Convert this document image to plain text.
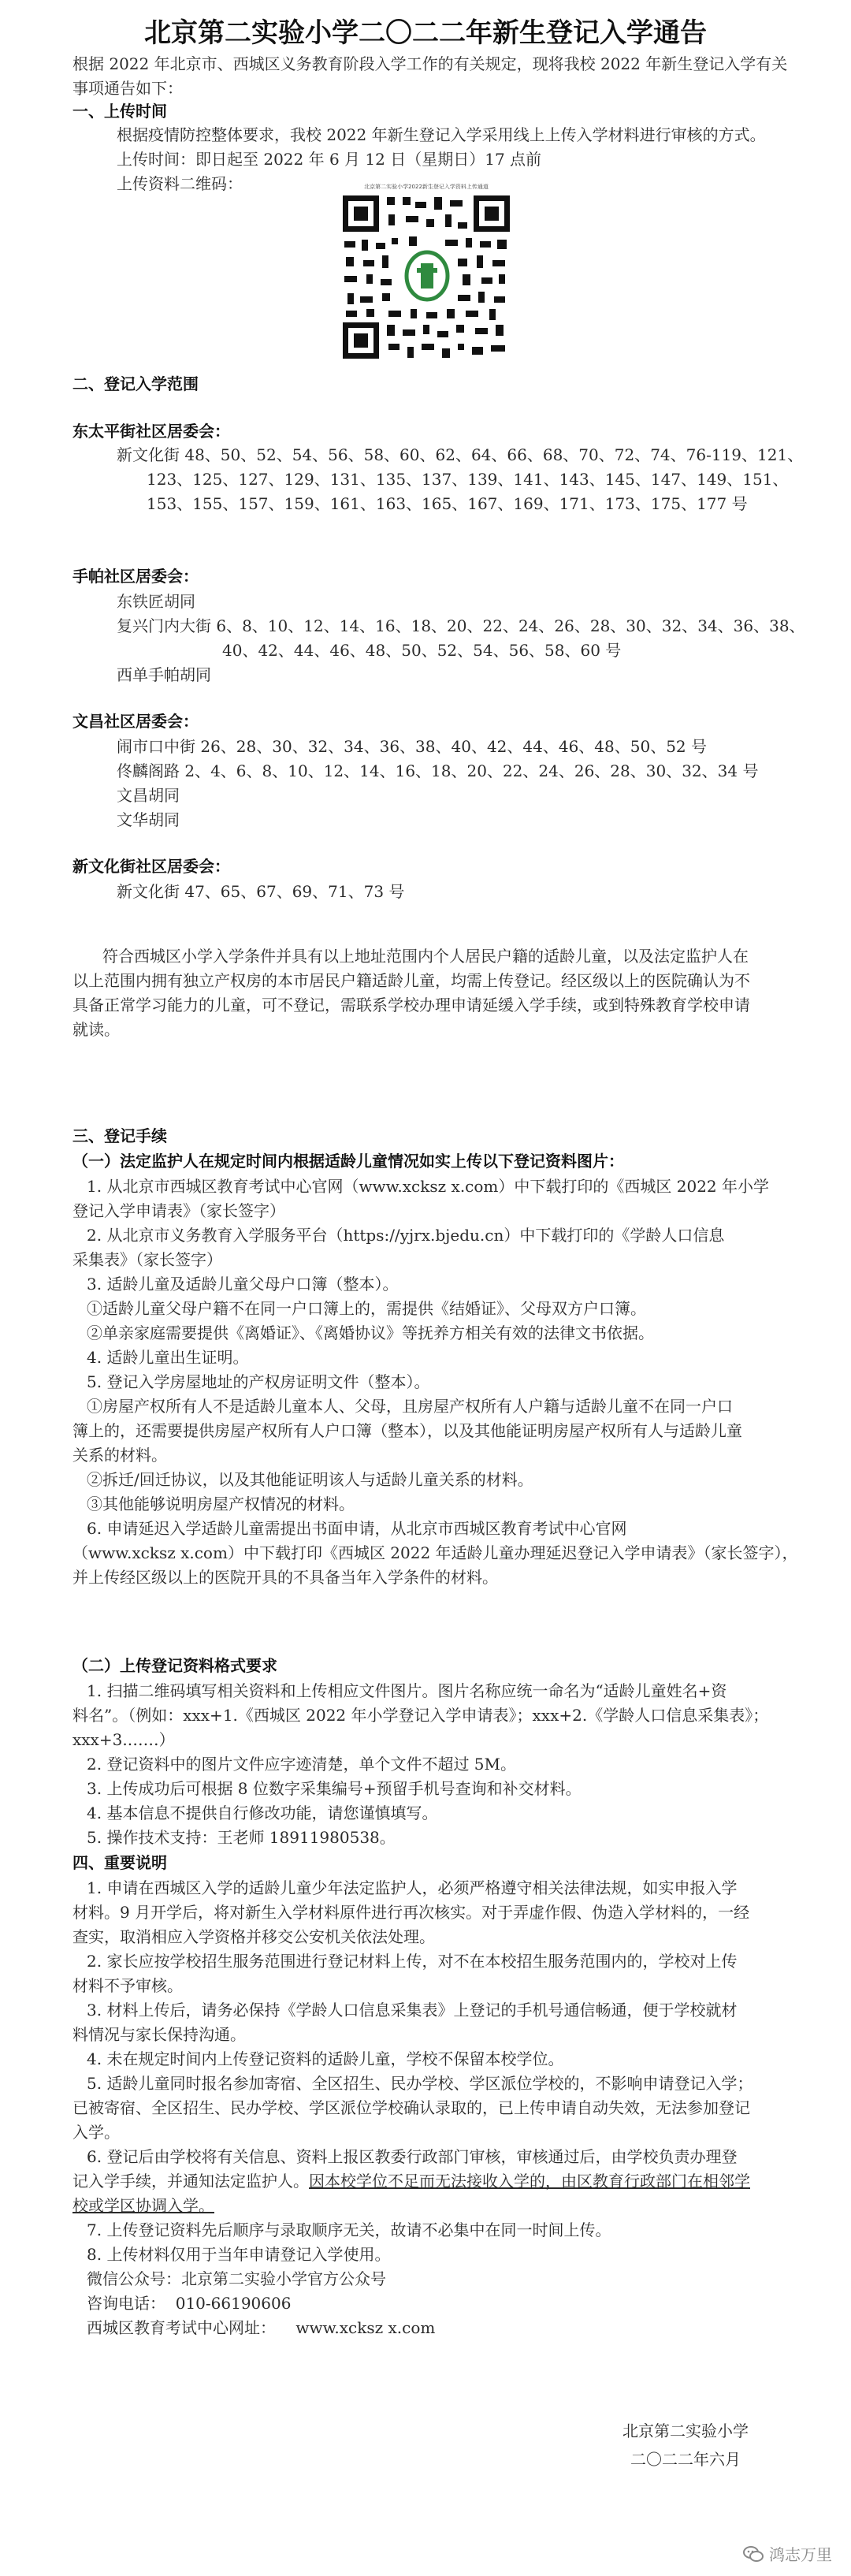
北京第二实验小学二〇二二年新生登记入学通告
根据 2022 年北京市、西城区义务教育阶段入学工作的有关规定，现将我校 2022 年新生登记入学有关事项通告如下：
一、上传时间
根据疫情防控整体要求，我校 2022 年新生登记入学采用线上上传入学材料进行审核的方式。
上传时间：即日起至 2022 年 6 月 12 日（星期日）17 点前
上传资料二维码：	北京第二实验小学2022新生登记入学资料上传通道
二、登记入学范围
东太平街社区居委会：
新文化街 48、50、52、54、56、58、60、62、64、66、68、70、72、74、76-119、121、
123、125、127、129、131、135、137、139、141、143、145、147、149、151、
153、155、157、159、161、163、165、167、169、171、173、175、177 号
手帕社区居委会：
东铁匠胡同
复兴门内大街 6、8、10、12、14、16、18、20、22、24、26、28、30、32、34、36、38、
40、42、44、46、48、50、52、54、56、58、60 号
西单手帕胡同
文昌社区居委会：
闹市口中街 26、28、30、32、34、36、38、40、42、44、46、48、50、52 号
佟麟阁路 2、4、6、8、10、12、14、16、18、20、22、24、26、28、30、32、34 号
文昌胡同
文华胡同
新文化街社区居委会：
新文化街 47、65、67、69、71、73 号
符合西城区小学入学条件并具有以上地址范围内个人居民户籍的适龄儿童，以及法定监护人在
以上范围内拥有独立产权房的本市居民户籍适龄儿童，均需上传登记。经区级以上的医院确认为不
具备正常学习能力的儿童，可不登记，需联系学校办理申请延缓入学手续，或到特殊教育学校申请
就读。
三、登记手续
（一）法定监护人在规定时间内根据适龄儿童情况如实上传以下登记资料图片：
1. 从北京市西城区教育考试中心官网（www.xcksz x.com）中下载打印的《西城区 2022 年小学
登记入学申请表》（家长签字）
2. 从北京市义务教育入学服务平台（https://yjrx.bjedu.cn）中下载打印的《学龄人口信息
采集表》（家长签字）
3. 适龄儿童及适龄儿童父母户口簿（整本）。
①适龄儿童父母户籍不在同一户口簿上的，需提供《结婚证》、父母双方户口簿。
②单亲家庭需要提供《离婚证》、《离婚协议》等抚养方相关有效的法律文书依据。
4. 适龄儿童出生证明。
5. 登记入学房屋地址的产权房证明文件（整本）。
①房屋产权所有人不是适龄儿童本人、父母，且房屋产权所有人户籍与适龄儿童不在同一户口
簿上的，还需要提供房屋产权所有人户口簿（整本），以及其他能证明房屋产权所有人与适龄儿童
关系的材料。
②拆迁/回迁协议，以及其他能证明该人与适龄儿童关系的材料。
③其他能够说明房屋产权情况的材料。
6. 申请延迟入学适龄儿童需提出书面申请，从北京市西城区教育考试中心官网
（www.xcksz x.com）中下载打印《西城区 2022 年适龄儿童办理延迟登记入学申请表》（家长签字），
并上传经区级以上的医院开具的不具备当年入学条件的材料。
（二）上传登记资料格式要求
1. 扫描二维码填写相关资料和上传相应文件图片。图片名称应统一命名为“适龄儿童姓名+资
料名”。（例如：xxx+1.《西城区 2022 年小学登记入学申请表》；xxx+2.《学龄人口信息采集表》；
xxx+3.……）
2. 登记资料中的图片文件应字迹清楚，单个文件不超过 5M。
3. 上传成功后可根据 8 位数字采集编号+预留手机号查询和补交材料。
4. 基本信息不提供自行修改功能，请您谨慎填写。
5. 操作技术支持：王老师 18911980538。
四、重要说明
1. 申请在西城区入学的适龄儿童少年法定监护人，必须严格遵守相关法律法规，如实申报入学
材料。9 月开学后，将对新生入学材料原件进行再次核实。对于弄虚作假、伪造入学材料的，一经
查实，取消相应入学资格并移交公安机关依法处理。
2. 家长应按学校招生服务范围进行登记材料上传，对不在本校招生服务范围内的，学校对上传
材料不予审核。
3. 材料上传后，请务必保持《学龄人口信息采集表》上登记的手机号通信畅通，便于学校就材
料情况与家长保持沟通。
4. 未在规定时间内上传登记资料的适龄儿童，学校不保留本校学位。
5. 适龄儿童同时报名参加寄宿、全区招生、民办学校、学区派位学校的，不影响申请登记入学；
已被寄宿、全区招生、民办学校、学区派位学校确认录取的，已上传申请自动失效，无法参加登记
入学。
6. 登记后由学校将有关信息、资料上报区教委行政部门审核，审核通过后，由学校负责办理登
记入学手续，并通知法定监护人。因本校学位不足而无法接收入学的，由区教育行政部门在相邻学
校或学区协调入学。
7. 上传登记资料先后顺序与录取顺序无关，故请不必集中在同一时间上传。
8. 上传材料仅用于当年申请登记入学使用。
微信公众号：北京第二实验小学官方公众号
咨询电话：  010-66190606
西城区教育考试中心网址：    www.xcksz x.com
北京第二实验小学
二〇二二年六月
鸿志万里
